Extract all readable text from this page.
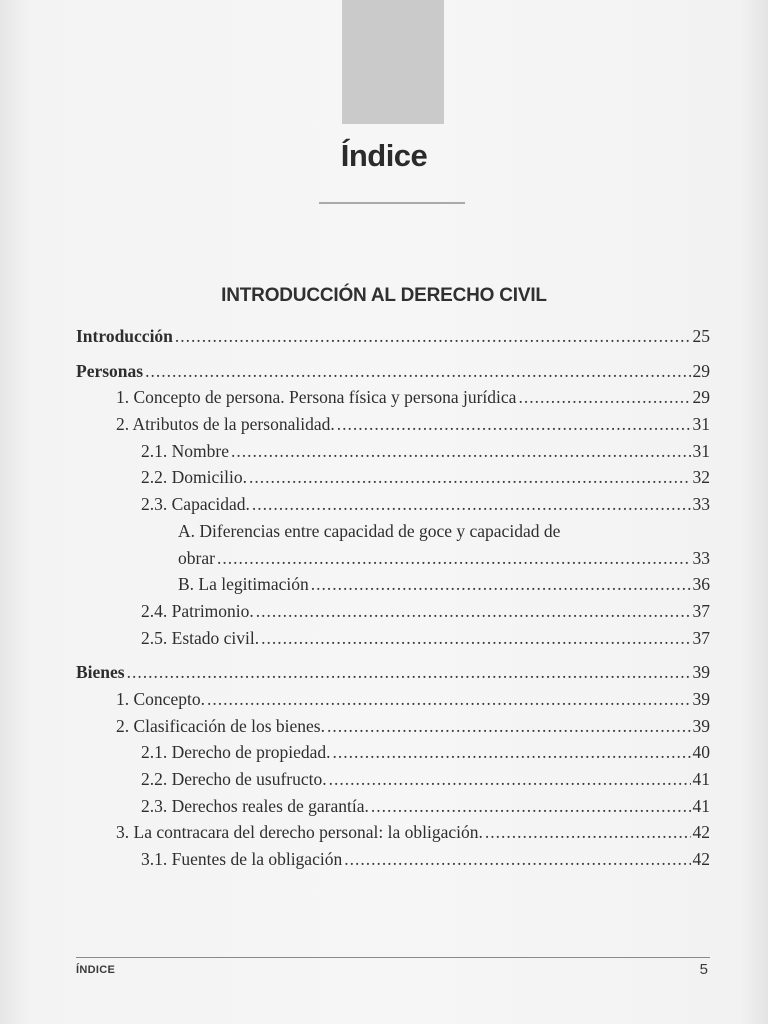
Índice
INTRODUCCIÓN AL DERECHO CIVIL
Introducción .....	25
Personas .....	29
1. Concepto de persona. Persona física y persona jurídica .....	29
2. Atributos de la personalidad. .....	31
2.1. Nombre .....	31
2.2. Domicilio. .....	32
2.3. Capacidad. .....	33
A. Diferencias entre capacidad de goce y capacidad de
obrar .....	33
B. La legitimación .....	36
2.4. Patrimonio. .....	37
2.5. Estado civil. .....	37
Bienes .....	39
1. Concepto. .....	39
2. Clasificación de los bienes. .....	39
2.1. Derecho de propiedad. .....	40
2.2. Derecho de usufructo. .....	41
2.3. Derechos reales de garantía. .....	41
3. La contracara del derecho personal: la obligación. .....	42
3.1. Fuentes de la obligación .....	42
ÍNDICE	5
